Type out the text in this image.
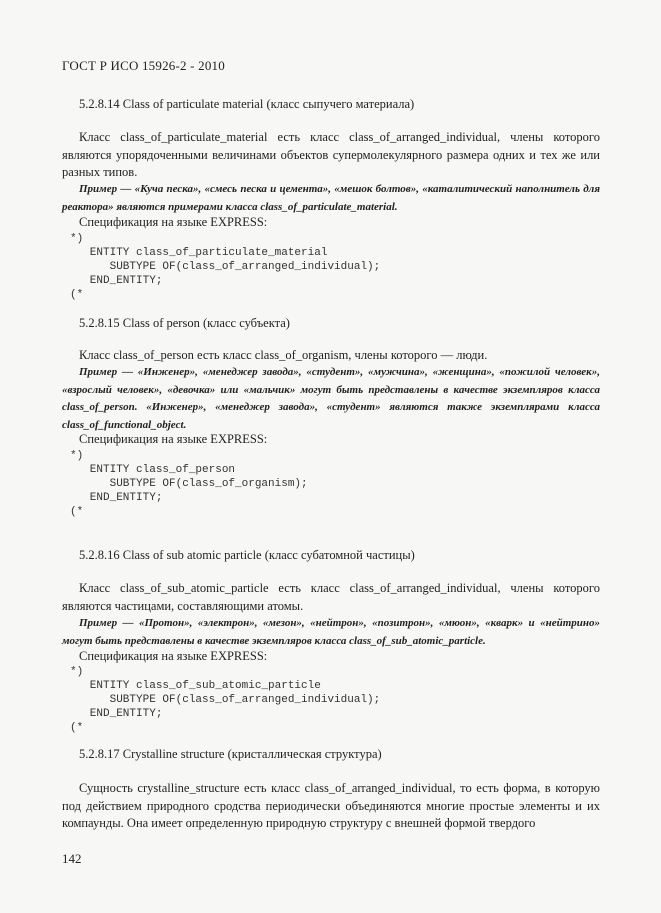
ГОСТ Р ИСО 15926-2 - 2010
5.2.8.14 Class of particulate material (класс сыпучего материала)
Класс class_of_particulate_material есть класс class_of_arranged_individual, члены которого являются упорядоченными величинами объектов супермолекулярного размера одних и тех же или разных типов.
Пример — «Куча песка», «смесь песка и цемента», «мешок болтов», «каталитический наполнитель для реактора» являются примерами класса class_of_particulate_material.
Спецификация на языке EXPRESS:
*)
ENTITY class_of_particulate_material
SUBTYPE OF(class_of_arranged_individual);
END_ENTITY;
(*
5.2.8.15 Class of person (класс субъекта)
Класс class_of_person есть класс class_of_organism, члены которого — люди.
Пример — «Инженер», «менеджер завода», «студент», «мужчина», «женщина», «пожилой человек», «взрослый человек», «девочка» или «мальчик» могут быть представлены в качестве экземпляров класса class_of_person. «Инженер», «менеджер завода», «студент» являются также экземплярами класса class_of_functional_object.
Спецификация на языке EXPRESS:
*)
ENTITY class_of_person
SUBTYPE OF(class_of_organism);
END_ENTITY;
(*
5.2.8.16 Class of sub atomic particle (класс субатомной частицы)
Класс class_of_sub_atomic_particle есть класс class_of_arranged_individual, члены которого являются частицами, составляющими атомы.
Пример — «Протон», «электрон», «мезон», «нейтрон», «позитрон», «мюон», «кварк» и «нейтрино» могут быть представлены в качестве экземпляров класса class_of_sub_atomic_particle.
Спецификация на языке EXPRESS:
*)
ENTITY class_of_sub_atomic_particle
SUBTYPE OF(class_of_arranged_individual);
END_ENTITY;
(*
5.2.8.17 Crystalline structure (кристаллическая структура)
Сущность crystalline_structure есть класс class_of_arranged_individual, то есть форма, в которую под действием природного сродства периодически объединяются многие простые элементы и их компаунды. Она имеет определенную природную структуру с внешней формой твердого
142
